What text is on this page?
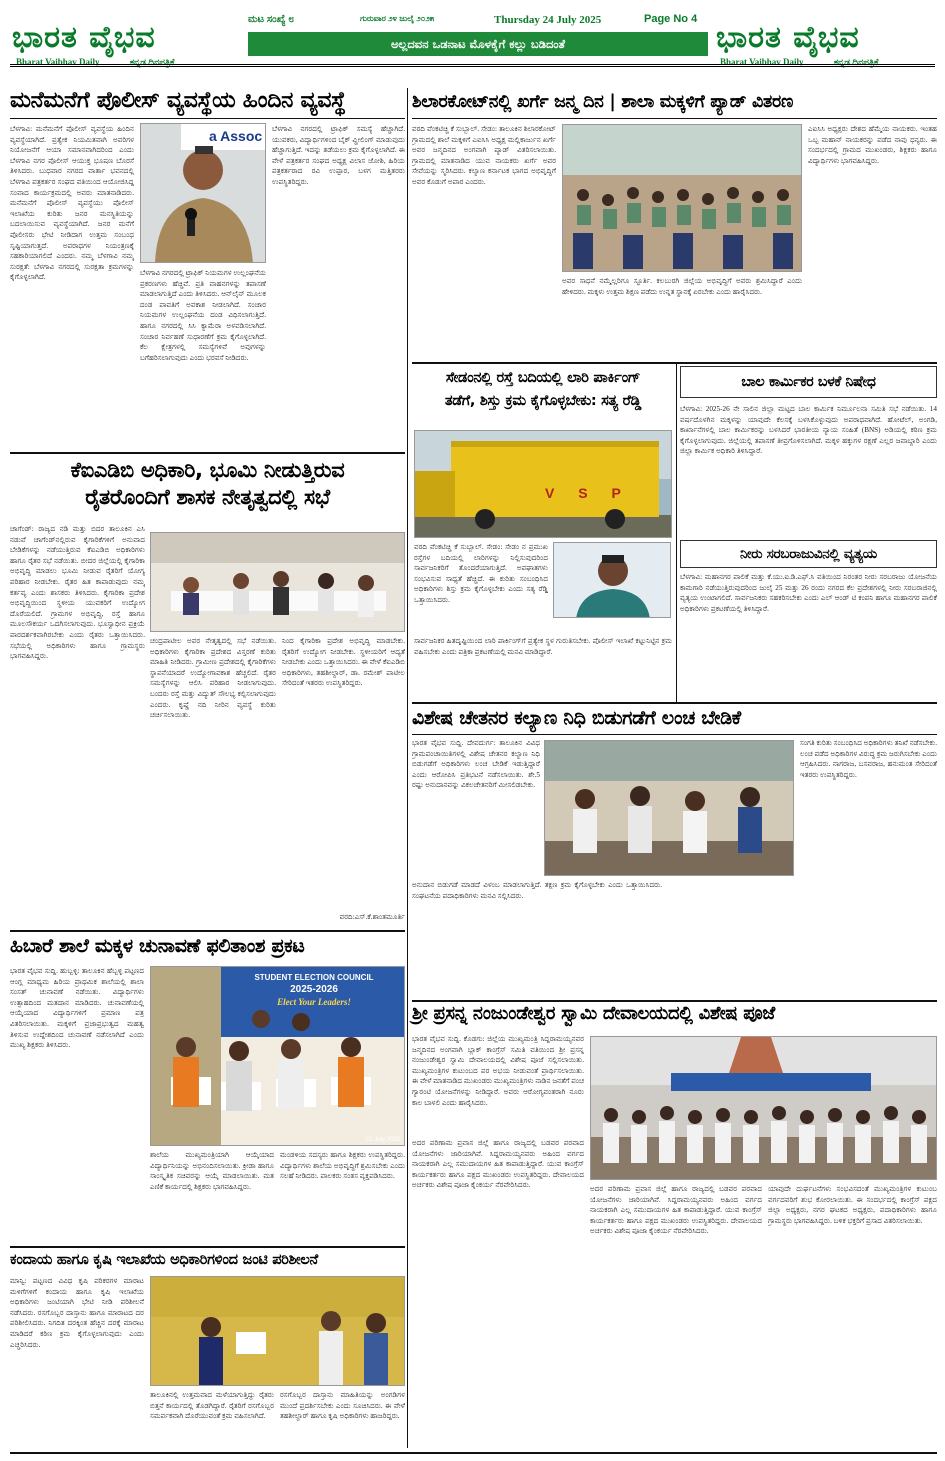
ಭಾರತ ವೈಭವ
Bharat Vaibhav Daily	ಕನ್ನಡ ದಿನಪತ್ರಿಕೆ
ಭಾರತ ವೈಭವ
Bharat Vaibhav Daily	ಕನ್ನಡ ದಿನಪತ್ರಿಕೆ
ಮಟ ಸಂಖ್ಯೆ ೮	ಗುರುವಾರ ೨೪ ಜುಲೈ ೨೦೨೫	Thursday 24 July 2025	Page No 4
ಅಲ್ಲದವನ ಒಡನಾಟ ಮೊಳಕೈಗೆ ಕಲ್ಲು ಬಡಿದಂತೆ
ಮನೆಮನೆಗೆ ಪೊಲೀಸ್ ವ್ಯವಸ್ಥೆಯ ಹಿಂದಿನ ವ್ಯವಸ್ಥೆ
ಬೆಳಗಾವಿ: ಮನೆಮನೆಗೆ ಪೊಲೀಸ್ ವ್ಯವಸ್ಥೆಯ ಹಿಂದಿನ ವ್ಯವಸ್ಥೆಯಾಗಿದೆ. ಪ್ರತ್ಯೇಕ ನಿಯಮಿತವಾಗಿ ಅವರಿಗಳ ನಿಯೋಜನೆಗೆ ಆಯಾ ಸಮಾನವಾಗಿದರಿಂದ ಎಂದು ಬೆಳಗಾವಿ ನಗರ ಪೊಲೀಸ್ ಆಯುಕ್ತ ಭೂಷಣ ಬೊರಸೆ ತಿಳಿಸಿದರು. ಬುಧವಾರ ನಗರದ ವಾರ್ತಾ ಭವನದಲ್ಲಿ ಬೆಳಗಾವಿ ಪತ್ರಕರ್ತರ ಸಂಘದ ವತಿಯಿಂದ ಆಯೋಜಿಸಿದ್ದ ಸಂವಾದ ಕಾರ್ಯಕ್ರಮದಲ್ಲಿ ಅವರು ಮಾತನಾಡಿದರು. ಮನೆಮನೆಗೆ ಪೊಲೀಸ್ ವ್ಯವಸ್ಥೆಯು ಪೊಲೀಸ್ ಇಲಾಖೆಯ ಕುರಿತು ಜನರ ಮನಸ್ಥಿತಿಯನ್ನು ಬದಲಾಯಿಸುವ ವ್ಯವಸ್ಥೆಯಾಗಿದೆ. ಜನರ ಮನೆಗೆ ಪೊಲೀಸರು ಭೇಟಿ ನೀಡಿದಾಗ ಉತ್ತಮ ಸಂಬಂಧ ಸೃಷ್ಟಿಯಾಗುತ್ತದೆ. ಅಪರಾಧಗಳ ನಿಯಂತ್ರಣಕ್ಕೆ ಸಹಕಾರಿಯಾಗಲಿದೆ ಎಂದರು. ನಮ್ಮ ಬೆಳಗಾವಿ ನಮ್ಮ ಸುರಕ್ಷತೆ: ಬೆಳಗಾವಿ ನಗರದಲ್ಲಿ ಸುರಕ್ಷತಾ ಕ್ರಮಗಳನ್ನು ಕೈಗೊಳ್ಳಲಾಗಿದೆ.
a Assoc
ಬೆಳಗಾವಿ ನಗರದಲ್ಲಿ ಟ್ರಾಫಿಕ್ ನಿಯಮಗಳ ಉಲ್ಲಂಘನೆಯ ಪ್ರಕರಣಗಳು ಹೆಚ್ಚಿವೆ. ಪ್ರತಿ ವಾಹನಗಳನ್ನು ತಪಾಸಣೆ ಮಾಡಲಾಗುತ್ತಿದೆ ಎಂದು ತಿಳಿಸಿದರು. ಆನ್‌ಲೈನ್ ಮೂಲಕ ದಂಡ ಪಾವತಿಗೆ ಅವಕಾಶ ನೀಡಲಾಗಿದೆ. ಸಂಚಾರ ನಿಯಮಗಳ ಉಲ್ಲಂಘನೆಯ ದಂಡ ವಿಧಿಸಲಾಗುತ್ತಿದೆ. ಹಾಗೂ ನಗರದಲ್ಲಿ ಸಿಸಿ ಕ್ಯಾಮೆರಾ ಅಳವಡಿಸಲಾಗಿದೆ. ಸಂಚಾರ ನಿರ್ವಹಣೆ ಸುಧಾರಣೆಗೆ ಕ್ರಮ ಕೈಗೊಳ್ಳಲಾಗಿದೆ. ಕೆಲ ಕ್ಷೇತ್ರಗಳಲ್ಲಿ ಸಮಸ್ಯೆಗಳಿವೆ ಅವುಗಳನ್ನು ಬಗೆಹರಿಸಲಾಗುವುದು ಎಂದು ಭರವಸೆ ನೀಡಿದರು.
ಬೆಳಗಾವಿ ನಗರದಲ್ಲಿ ಟ್ರಾಫಿಕ್ ಸಮಸ್ಯೆ ಹೆಚ್ಚಾಗಿದೆ. ಯುವಕರು, ವಿದ್ಯಾರ್ಥಿಗಳಿಂದ ಬೈಕ್ ವ್ಹೀಲಿಂಗ್ ಮಾಡುವುದು ಹೆಚ್ಚಾಗುತ್ತಿದೆ. ಇದನ್ನು ತಡೆಯಲು ಕ್ರಮ ಕೈಗೊಳ್ಳಲಾಗಿದೆ. ಈ ವೇಳೆ ಪತ್ರಕರ್ತರ ಸಂಘದ ಅಧ್ಯಕ್ಷ ವಿಲಾಸ ಜೋಶಿ, ಹಿರಿಯ ಪತ್ರಕರ್ತರಾದ ರವಿ ಉಪ್ಪಾರ, ಬಳಗ ಮತ್ತಿತರರು ಉಪಸ್ಥಿತರಿದ್ದರು.
ಕೆಐಎಡಿಬಿ ಅಧಿಕಾರಿ, ಭೂಮಿ ನೀಡುತ್ತಿರುವ
ರೈತರೊಂದಿಗೆ ಶಾಸಕ ನೇತೃತ್ವದಲ್ಲಿ ಸಭೆ
ಚಾಗೆಂಡ್: ರಾಜ್ಯದ ನಡಿ ಮತ್ತು ಬಿದರ ತಾಲೂಕಿನ ಎಸಿ ನಡುವೆ ಚಾಗೆಂಡ್‌ನಲ್ಲಿರುವ ಕೈಗಾರಿಕೆಗಳಿಗೆ ಅನುವಾದ ಬೇಡಿಕೆಗಳನ್ನು ನಡೆಯುತ್ತಿರುವ ಕೆಐಎಡಿಬಿ ಅಧಿಕಾರಿಗಳು ಹಾಗೂ ರೈತರ ಸಭೆ ನಡೆಯಿತು. ಬೀದರ ಜಿಲ್ಲೆಯಲ್ಲಿ ಕೈಗಾರಿಕಾ ಅಭಿವೃದ್ಧಿ ಮಾಡಲು ಭೂಮಿ ನೀಡುವ ರೈತರಿಗೆ ಯೋಗ್ಯ ಪರಿಹಾರ ನೀಡಬೇಕು. ರೈತರ ಹಿತ ಕಾಪಾಡುವುದು ನಮ್ಮ ಕರ್ತವ್ಯ ಎಂದು ಶಾಸಕರು ತಿಳಿಸಿದರು. ಕೈಗಾರಿಕಾ ಪ್ರದೇಶ ಅಭಿವೃದ್ಧಿಯಿಂದ ಸ್ಥಳೀಯ ಯುವಕರಿಗೆ ಉದ್ಯೋಗ ದೊರೆಯಲಿದೆ. ಗ್ರಾಮಗಳ ಅಭಿವೃದ್ಧಿ, ರಸ್ತೆ ಹಾಗೂ ಮೂಲಸೌಕರ್ಯ ಒದಗಿಸಲಾಗುವುದು. ಭೂಸ್ವಾಧೀನ ಪ್ರಕ್ರಿಯೆ ಪಾರದರ್ಶಕವಾಗಿರಬೇಕು ಎಂದು ರೈತರು ಒತ್ತಾಯಿಸಿದರು. ಸಭೆಯಲ್ಲಿ ಅಧಿಕಾರಿಗಳು ಹಾಗೂ ಗ್ರಾಮಸ್ಥರು ಭಾಗವಹಿಸಿದ್ದರು.
ಚಂದ್ರಪಾಟೀಲ ಅವರ ನೇತೃತ್ವದಲ್ಲಿ ಸಭೆ ನಡೆಯಿತು. ಅಧಿಕಾರಿಗಳು ಕೈಗಾರಿಕಾ ಪ್ರದೇಶದ ವಿಸ್ತರಣೆ ಕುರಿತು ಮಾಹಿತಿ ನೀಡಿದರು. ಗ್ರಾಮೀಣ ಪ್ರದೇಶದಲ್ಲಿ ಕೈಗಾರಿಕೆಗಳು ಸ್ಥಾಪನೆಯಾದರೆ ಉದ್ಯೋಗಾವಕಾಶ ಹೆಚ್ಚಲಿದೆ. ರೈತರ ಸಮಸ್ಯೆಗಳನ್ನು ಆಲಿಸಿ ಪರಿಹಾರ ನೀಡಲಾಗುವುದು. ಬಂದರು ರಸ್ತೆ ಮತ್ತು ವಿದ್ಯುತ್ ಸೌಲಭ್ಯ ಕಲ್ಪಿಸಲಾಗುವುದು ಎಂದರು. ಕೃಷ್ಣೆ ನದಿ ನೀರಿನ ವ್ಯವಸ್ಥೆ ಕುರಿತು ಚರ್ಚಿಸಲಾಯಿತು.
ನಿಂದ ಕೈಗಾರಿಕಾ ಪ್ರದೇಶ ಅಭಿವೃದ್ಧಿ ಮಾಡಬೇಕು. ರೈತರಿಗೆ ಉದ್ಯೋಗ ನೀಡಬೇಕು. ಸ್ಥಳೀಯರಿಗೆ ಆದ್ಯತೆ ನೀಡಬೇಕು ಎಂದು ಒತ್ತಾಯಿಸಿದರು. ಈ ವೇಳೆ ಕೆಐಎಡಿಬಿ ಅಧಿಕಾರಿಗಳು, ತಹಶೀಲ್ದಾರ್, ಡಾ. ರಮೇಶ್ ಪಾಟೀಲ ಸೇರಿದಂತೆ ಇತರರು ಉಪಸ್ಥಿತರಿದ್ದರು.
ವರದಿ:ಎಸ್.ಕೆ.ಶಾಂತಮೂರ್ತಿ
ಹಿಬಾರೆ ಶಾಲೆ ಮಕ್ಕಳ ಚುನಾವಣೆ ಫಲಿತಾಂಶ ಪ್ರಕಟ
ಭಾರತ ವೈಭವ ಸುದ್ದಿ. ಹುಬ್ಬಳ್ಳಿ: ತಾಲೂಕಿನ ಹೆಬ್ಬಳ್ಳಿ ಪಟ್ಟಣದ ಆಂಗ್ಲ ಮಾಧ್ಯಮ ಹಿರಿಯ ಪ್ರಾಥಮಿಕ ಶಾಲೆಯಲ್ಲಿ ಶಾಲಾ ಸಂಸತ್ ಚುನಾವಣೆ ನಡೆಯಿತು. ವಿದ್ಯಾರ್ಥಿಗಳು ಉತ್ಸಾಹದಿಂದ ಮತದಾನ ಮಾಡಿದರು. ಚುನಾವಣೆಯಲ್ಲಿ ಆಯ್ಕೆಯಾದ ವಿದ್ಯಾರ್ಥಿಗಳಿಗೆ ಪ್ರಮಾಣ ಪತ್ರ ವಿತರಿಸಲಾಯಿತು. ಮಕ್ಕಳಿಗೆ ಪ್ರಜಾಪ್ರಭುತ್ವದ ಮಹತ್ವ ತಿಳಿಸುವ ಉದ್ದೇಶದಿಂದ ಚುನಾವಣೆ ನಡೆಸಲಾಗಿದೆ ಎಂದು ಮುಖ್ಯ ಶಿಕ್ಷಕರು ತಿಳಿಸಿದರು.
STUDENT ELECTION COUNCIL
2025-2026
Elect Your Leaders!
21 July 2025
ಶಾಲೆಯ ಮುಖ್ಯಮಂತ್ರಿಯಾಗಿ ಆಯ್ಕೆಯಾದ ವಿದ್ಯಾರ್ಥಿನಿಯನ್ನು ಅಭಿನಂದಿಸಲಾಯಿತು. ಕ್ರೀಡಾ ಹಾಗೂ ಸಾಂಸ್ಕೃತಿಕ ಸಚಿವರನ್ನು ಆಯ್ಕೆ ಮಾಡಲಾಯಿತು. ಮತ ಎಣಿಕೆ ಕಾರ್ಯದಲ್ಲಿ ಶಿಕ್ಷಕರು ಭಾಗವಹಿಸಿದ್ದರು.
ಮಂಡಳಿಯ ಸದಸ್ಯರು ಹಾಗೂ ಶಿಕ್ಷಕರು ಉಪಸ್ಥಿತರಿದ್ದರು. ವಿದ್ಯಾರ್ಥಿಗಳು ಶಾಲೆಯ ಅಭಿವೃದ್ಧಿಗೆ ಶ್ರಮಿಸಬೇಕು ಎಂದು ಸಲಹೆ ನೀಡಿದರು. ಪಾಲಕರು ಸಂತಸ ವ್ಯಕ್ತಪಡಿಸಿದರು.
ಕಂದಾಯ ಹಾಗೂ ಕೃಷಿ ಇಲಾಖೆಯ ಅಧಿಕಾರಿಗಳಿಂದ ಜಂಟಿ ಪರಿಶೀಲನೆ
ಮಾನ್ವಿ: ಪಟ್ಟಣದ ವಿವಿಧ ಕೃಷಿ ಪರಿಕರಗಳ ಮಾರಾಟ ಮಳಿಗೆಗಳಿಗೆ ಕಂದಾಯ ಹಾಗೂ ಕೃಷಿ ಇಲಾಖೆಯ ಅಧಿಕಾರಿಗಳು ಜಂಟಿಯಾಗಿ ಭೇಟಿ ನೀಡಿ ಪರಿಶೀಲನೆ ನಡೆಸಿದರು. ರಸಗೊಬ್ಬರ ದಾಸ್ತಾನು ಹಾಗೂ ಮಾರಾಟದ ದರ ಪರಿಶೀಲಿಸಿದರು. ನಿಗದಿತ ದರಕ್ಕಿಂತ ಹೆಚ್ಚಿನ ದರಕ್ಕೆ ಮಾರಾಟ ಮಾಡಿದರೆ ಕಠಿಣ ಕ್ರಮ ಕೈಗೊಳ್ಳಲಾಗುವುದು ಎಂದು ಎಚ್ಚರಿಸಿದರು.
ತಾಲೂಕಿನಲ್ಲಿ ಉತ್ತಮವಾದ ಮಳೆಯಾಗುತ್ತಿದ್ದು ರೈತರು ಬಿತ್ತನೆ ಕಾರ್ಯದಲ್ಲಿ ತೊಡಗಿದ್ದಾರೆ. ರೈತರಿಗೆ ರಸಗೊಬ್ಬರ ಸಮರ್ಪಕವಾಗಿ ದೊರೆಯುವಂತೆ ಕ್ರಮ ವಹಿಸಲಾಗಿದೆ.
ರಸಗೊಬ್ಬರ ದಾಸ್ತಾನು ಮಾಹಿತಿಯನ್ನು ಅಂಗಡಿಗಳ ಮುಂದೆ ಪ್ರದರ್ಶಿಸಬೇಕು ಎಂದು ಸೂಚಿಸಿದರು. ಈ ವೇಳೆ ತಹಶೀಲ್ದಾರ್ ಹಾಗೂ ಕೃಷಿ ಅಧಿಕಾರಿಗಳು ಹಾಜರಿದ್ದರು.
ಶಿಲಾರಕೋಟ್‌ನಲ್ಲಿ ಖರ್ಗೆ ಜನ್ಮ ದಿನ | ಶಾಲಾ ಮಕ್ಕಳಿಗೆ ಪ್ಯಾಡ್ ವಿತರಣ
ವರದಿ ವೆಂಕಟಿಚ್ಚಿ ಕೆ ಸುಬ್ಬಾಲ್. ಸೇಡಂ: ತಾಲೂಕಿನ ಶಿಲಾರಕೋಟ್ ಗ್ರಾಮದಲ್ಲಿ ಶಾಲೆ ಮಕ್ಕಳಿಗೆ ಎಐಸಿಸಿ ಅಧ್ಯಕ್ಷ ಮಲ್ಲಿಕಾರ್ಜುನ ಖರ್ಗೆ ಅವರ ಜನ್ಮದಿನದ ಅಂಗವಾಗಿ ಪ್ಯಾಡ್ ವಿತರಿಸಲಾಯಿತು. ಗ್ರಾಮದಲ್ಲಿ ಮಾತನಾಡಿದ ಯುವ ನಾಯಕರು ಖರ್ಗೆ ಅವರ ಸೇವೆಯನ್ನು ಸ್ಮರಿಸಿದರು. ಕಲ್ಯಾಣ ಕರ್ನಾಟಕ ಭಾಗದ ಅಭಿವೃದ್ಧಿಗೆ ಅವರ ಕೊಡುಗೆ ಅಪಾರ ಎಂದರು.
ಅವರ ಸಾಧನೆ ನಮ್ಮೆಲ್ಲರಿಗೂ ಸ್ಫೂರ್ತಿ. ಕಲಬುರಗಿ ಜಿಲ್ಲೆಯ ಅಭಿವೃದ್ಧಿಗೆ ಅವರು ಶ್ರಮಿಸಿದ್ದಾರೆ ಎಂದು ಹೇಳಿದರು. ಮಕ್ಕಳು ಉತ್ತಮ ಶಿಕ್ಷಣ ಪಡೆದು ಉನ್ನತ ಸ್ಥಾನಕ್ಕೆ ಏರಬೇಕು ಎಂದು ಹಾರೈಸಿದರು.
ಎಐಸಿಸಿ ಅಧ್ಯಕ್ಷರು ದೇಶದ ಹೆಮ್ಮೆಯ ನಾಯಕರು. ಇಂತಹ ಒಬ್ಬ ಮಹಾನ್ ನಾಯಕರನ್ನು ಪಡೆದ ನಾವು ಧನ್ಯರು. ಈ ಸಂದರ್ಭದಲ್ಲಿ ಗ್ರಾಮದ ಮುಖಂಡರು, ಶಿಕ್ಷಕರು ಹಾಗೂ ವಿದ್ಯಾರ್ಥಿಗಳು ಭಾಗವಹಿಸಿದ್ದರು.
ಸೇಡಂನಲ್ಲಿ ರಸ್ತೆ ಬದಿಯಲ್ಲಿ ಲಾರಿ ಪಾರ್ಕಿಂಗ್
ತಡೆಗೆ, ಶಿಸ್ತು ಕ್ರಮ ಕೈಗೊಳ್ಳಬೇಕು: ಸತ್ಯ ರೆಡ್ಡಿ
V S P
ವರದಿ ವೆಂಕಟಿಚ್ಚಿ ಕೆ ಸುಬ್ಬಾಲ್. ಸೇಡಂ: ಸೇಡಂ ನ ಪ್ರಮುಖ ರಸ್ತೆಗಳ ಬದಿಯಲ್ಲಿ ಲಾರಿಗಳನ್ನು ನಿಲ್ಲಿಸುವುದರಿಂದ ಸಾರ್ವಜನಿಕರಿಗೆ ತೊಂದರೆಯಾಗುತ್ತಿದೆ. ಅಪಘಾತಗಳು ಸಂಭವಿಸುವ ಸಾಧ್ಯತೆ ಹೆಚ್ಚಿದೆ. ಈ ಕುರಿತು ಸಂಬಂಧಿಸಿದ ಅಧಿಕಾರಿಗಳು ಶಿಸ್ತು ಕ್ರಮ ಕೈಗೊಳ್ಳಬೇಕು ಎಂದು ಸತ್ಯ ರೆಡ್ಡಿ ಒತ್ತಾಯಿಸಿದರು.
ಸಾರ್ವಜನಿಕರ ಹಿತದೃಷ್ಟಿಯಿಂದ ಲಾರಿ ಪಾರ್ಕಿಂಗ್‌ಗೆ ಪ್ರತ್ಯೇಕ ಸ್ಥಳ ಗುರುತಿಸಬೇಕು. ಪೊಲೀಸ್ ಇಲಾಖೆ ಕಟ್ಟುನಿಟ್ಟಿನ ಕ್ರಮ ವಹಿಸಬೇಕು ಎಂದು ಪತ್ರಿಕಾ ಪ್ರಕಟಣೆಯಲ್ಲಿ ಮನವಿ ಮಾಡಿದ್ದಾರೆ.
ಬಾಲ ಕಾರ್ಮಿಕರ ಬಳಕೆ ನಿಷೇಧ
ಬೆಳಗಾವಿ: 2025-26 ನೇ ಸಾಲಿನ ಜಿಲ್ಲಾ ಮಟ್ಟದ ಬಾಲ ಕಾರ್ಮಿಕ ನಿರ್ಮೂಲನಾ ಸಮಿತಿ ಸಭೆ ನಡೆಯಿತು. 14 ವರ್ಷದೊಳಗಿನ ಮಕ್ಕಳನ್ನು ಯಾವುದೇ ಕೆಲಸಕ್ಕೆ ಬಳಸಿಕೊಳ್ಳುವುದು ಅಪರಾಧವಾಗಿದೆ. ಹೋಟೆಲ್, ಅಂಗಡಿ, ಕಾರ್ಖಾನೆಗಳಲ್ಲಿ ಬಾಲ ಕಾರ್ಮಿಕರನ್ನು ಬಳಸಿದರೆ ಭಾರತೀಯ ನ್ಯಾಯ ಸಂಹಿತೆ (BNS) ಅಡಿಯಲ್ಲಿ ಕಠಿಣ ಕ್ರಮ ಕೈಗೊಳ್ಳಲಾಗುವುದು. ಜಿಲ್ಲೆಯಲ್ಲಿ ತಪಾಸಣೆ ತೀವ್ರಗೊಳಿಸಲಾಗಿದೆ. ಮಕ್ಕಳ ಹಕ್ಕುಗಳ ರಕ್ಷಣೆ ಎಲ್ಲರ ಜವಾಬ್ದಾರಿ ಎಂದು ಜಿಲ್ಲಾ ಕಾರ್ಮಿಕ ಅಧಿಕಾರಿ ತಿಳಿಸಿದ್ದಾರೆ.
ನೀರು ಸರಬರಾಜುವಿನಲ್ಲಿ ವ್ಯತ್ಯಯ
ಬೆಳಗಾವಿ: ಮಹಾನಗರ ಪಾಲಿಕೆ ಮತ್ತು ಕೆ.ಯು.ಐ.ಡಿ.ಎಫ್.ಸಿ ವತಿಯಿಂದ ನಿರಂತರ ನೀರು ಸರಬರಾಜು ಯೋಜನೆಯ ಕಾಮಗಾರಿ ನಡೆಯುತ್ತಿರುವುದರಿಂದ ಜುಲೈ 25 ಮತ್ತು 26 ರಂದು ನಗರದ ಕೆಲ ಪ್ರದೇಶಗಳಲ್ಲಿ ನೀರು ಸರಬರಾಜಿನಲ್ಲಿ ವ್ಯತ್ಯಯ ಉಂಟಾಗಲಿದೆ. ಸಾರ್ವಜನಿಕರು ಸಹಕರಿಸಬೇಕು ಎಂದು ಎಲ್ ಆಂಡ್ ಟಿ ಕಂಪನಿ ಹಾಗೂ ಮಹಾನಗರ ಪಾಲಿಕೆ ಅಧಿಕಾರಿಗಳು ಪ್ರಕಟಣೆಯಲ್ಲಿ ತಿಳಿಸಿದ್ದಾರೆ.
ವಿಶೇಷ ಚೇತನರ ಕಲ್ಯಾಣ ನಿಧಿ ಬಿಡುಗಡೆಗೆ ಲಂಚ ಬೇಡಿಕೆ
ಭಾರತ ವೈಭವ ಸುದ್ದಿ. ದೇವದುರ್ಗ: ತಾಲೂಕಿನ ವಿವಿಧ ಗ್ರಾಮಪಂಚಾಯಿತಿಗಳಲ್ಲಿ ವಿಶೇಷ ಚೇತನರ ಕಲ್ಯಾಣ ನಿಧಿ ಬಿಡುಗಡೆಗೆ ಅಧಿಕಾರಿಗಳು ಲಂಚ ಬೇಡಿಕೆ ಇಡುತ್ತಿದ್ದಾರೆ ಎಂದು ಆರೋಪಿಸಿ ಪ್ರತಿಭಟನೆ ನಡೆಸಲಾಯಿತು. ಶೇ.5 ರಷ್ಟು ಅನುದಾನವನ್ನು ವಿಕಲಚೇತನರಿಗೆ ಮೀಸಲಿಡಬೇಕು.
ಅನುದಾನ ಬಿಡುಗಡೆ ಮಾಡದೆ ವಿಳಂಬ ಮಾಡಲಾಗುತ್ತಿದೆ. ತಕ್ಷಣ ಕ್ರಮ ಕೈಗೊಳ್ಳಬೇಕು ಎಂದು ಒತ್ತಾಯಿಸಿದರು. ಸಂಘಟನೆಯ ಪದಾಧಿಕಾರಿಗಳು ಮನವಿ ಸಲ್ಲಿಸಿದರು.
ಸಂಗತಿ ಕುರಿತು ಸಂಬಂಧಿಸಿದ ಅಧಿಕಾರಿಗಳು ತನಿಖೆ ನಡೆಸಬೇಕು. ಲಂಚ ಪಡೆದ ಅಧಿಕಾರಿಗಳ ವಿರುದ್ಧ ಕ್ರಮ ಜರುಗಿಸಬೇಕು ಎಂದು ಆಗ್ರಹಿಸಿದರು. ನಾಗರಾಜ, ಬಸವರಾಜ, ಹನುಮಂತ ಸೇರಿದಂತೆ ಇತರರು ಉಪಸ್ಥಿತರಿದ್ದರು.
ಶ್ರೀ ಪ್ರಸನ್ನ ನಂಜುಂಡೇಶ್ವರ ಸ್ವಾಮಿ ದೇವಾಲಯದಲ್ಲಿ ವಿಶೇಷ ಪೂಜೆ
ಭಾರತ ವೈಭವ ಸುದ್ದಿ. ಕೊಡಗು: ಜಿಲ್ಲೆಯ ಮುಖ್ಯಮಂತ್ರಿ ಸಿದ್ದರಾಮಯ್ಯನವರ ಜನ್ಮದಿನದ ಅಂಗವಾಗಿ ಬ್ಲಾಕ್ ಕಾಂಗ್ರೆಸ್ ಸಮಿತಿ ವತಿಯಿಂದ ಶ್ರೀ ಪ್ರಸನ್ನ ನಂಜುಂಡೇಶ್ವರ ಸ್ವಾಮಿ ದೇವಾಲಯದಲ್ಲಿ ವಿಶೇಷ ಪೂಜೆ ಸಲ್ಲಿಸಲಾಯಿತು. ಮುಖ್ಯಮಂತ್ರಿಗಳ ಕುಟುಂಬದ ಪರ ಅಭಯ ನೀಡುವಂತೆ ಪ್ರಾರ್ಥಿಸಲಾಯಿತು. ಈ ವೇಳೆ ಮಾತನಾಡಿದ ಮುಖಂಡರು ಮುಖ್ಯಮಂತ್ರಿಗಳು ನಾಡಿನ ಜನತೆಗೆ ಪಂಚ ಗ್ಯಾರಂಟಿ ಯೋಜನೆಗಳನ್ನು ನೀಡಿದ್ದಾರೆ. ಅವರು ಆರೋಗ್ಯವಂತರಾಗಿ ನೂರು ಕಾಲ ಬಾಳಲಿ ಎಂದು ಹಾರೈಸಿದರು.
ಅದರ ಪರಿಣಾಮ ಪ್ರವಾಸ ಜಿಲ್ಲೆ ಹಾಗೂ ರಾಜ್ಯದಲ್ಲಿ ಬಡವರ ಪರವಾದ ಯೋಜನೆಗಳು ಜಾರಿಯಾಗಿವೆ. ಸಿದ್ದರಾಮಯ್ಯನವರು ಅಹಿಂದ ವರ್ಗದ ನಾಯಕರಾಗಿ ಎಲ್ಲ ಸಮುದಾಯಗಳ ಹಿತ ಕಾಪಾಡುತ್ತಿದ್ದಾರೆ. ಯುವ ಕಾಂಗ್ರೆಸ್ ಕಾರ್ಯಕರ್ತರು ಹಾಗೂ ಪಕ್ಷದ ಮುಖಂಡರು ಉಪಸ್ಥಿತರಿದ್ದರು. ದೇವಾಲಯದ ಅರ್ಚಕರು ವಿಶೇಷ ಪೂಜಾ ಕೈಂಕರ್ಯ ನೆರವೇರಿಸಿದರು.	ಅದರ ಪರಿಣಾಮ ಪ್ರವಾಸ ಜಿಲ್ಲೆ ಹಾಗೂ ರಾಜ್ಯದಲ್ಲಿ ಬಡವರ ಪರವಾದ ಯೋಜನೆಗಳು ಜಾರಿಯಾಗಿವೆ. ಸಿದ್ದರಾಮಯ್ಯನವರು ಅಹಿಂದ ವರ್ಗದ ನಾಯಕರಾಗಿ ಎಲ್ಲ ಸಮುದಾಯಗಳ ಹಿತ ಕಾಪಾಡುತ್ತಿದ್ದಾರೆ. ಯುವ ಕಾಂಗ್ರೆಸ್ ಕಾರ್ಯಕರ್ತರು ಹಾಗೂ ಪಕ್ಷದ ಮುಖಂಡರು ಉಪಸ್ಥಿತರಿದ್ದರು. ದೇವಾಲಯದ ಅರ್ಚಕರು ವಿಶೇಷ ಪೂಜಾ ಕೈಂಕರ್ಯ ನೆರವೇರಿಸಿದರು.
ಯಾವುದೇ ದುರ್ಘಟನೆಗಳು ಸಂಭವಿಸದಂತೆ ಮುಖ್ಯಮಂತ್ರಿಗಳ ಕುಟುಂಬ ವರ್ಗದವರಿಗೆ ಶುಭ ಕೋರಲಾಯಿತು. ಈ ಸಂದರ್ಭದಲ್ಲಿ ಕಾಂಗ್ರೆಸ್ ಪಕ್ಷದ ಜಿಲ್ಲಾ ಅಧ್ಯಕ್ಷರು, ನಗರ ಘಟಕದ ಅಧ್ಯಕ್ಷರು, ಪದಾಧಿಕಾರಿಗಳು ಹಾಗೂ ಗ್ರಾಮಸ್ಥರು ಭಾಗವಹಿಸಿದ್ದರು. ಬಳಿಕ ಭಕ್ತರಿಗೆ ಪ್ರಸಾದ ವಿತರಿಸಲಾಯಿತು.
